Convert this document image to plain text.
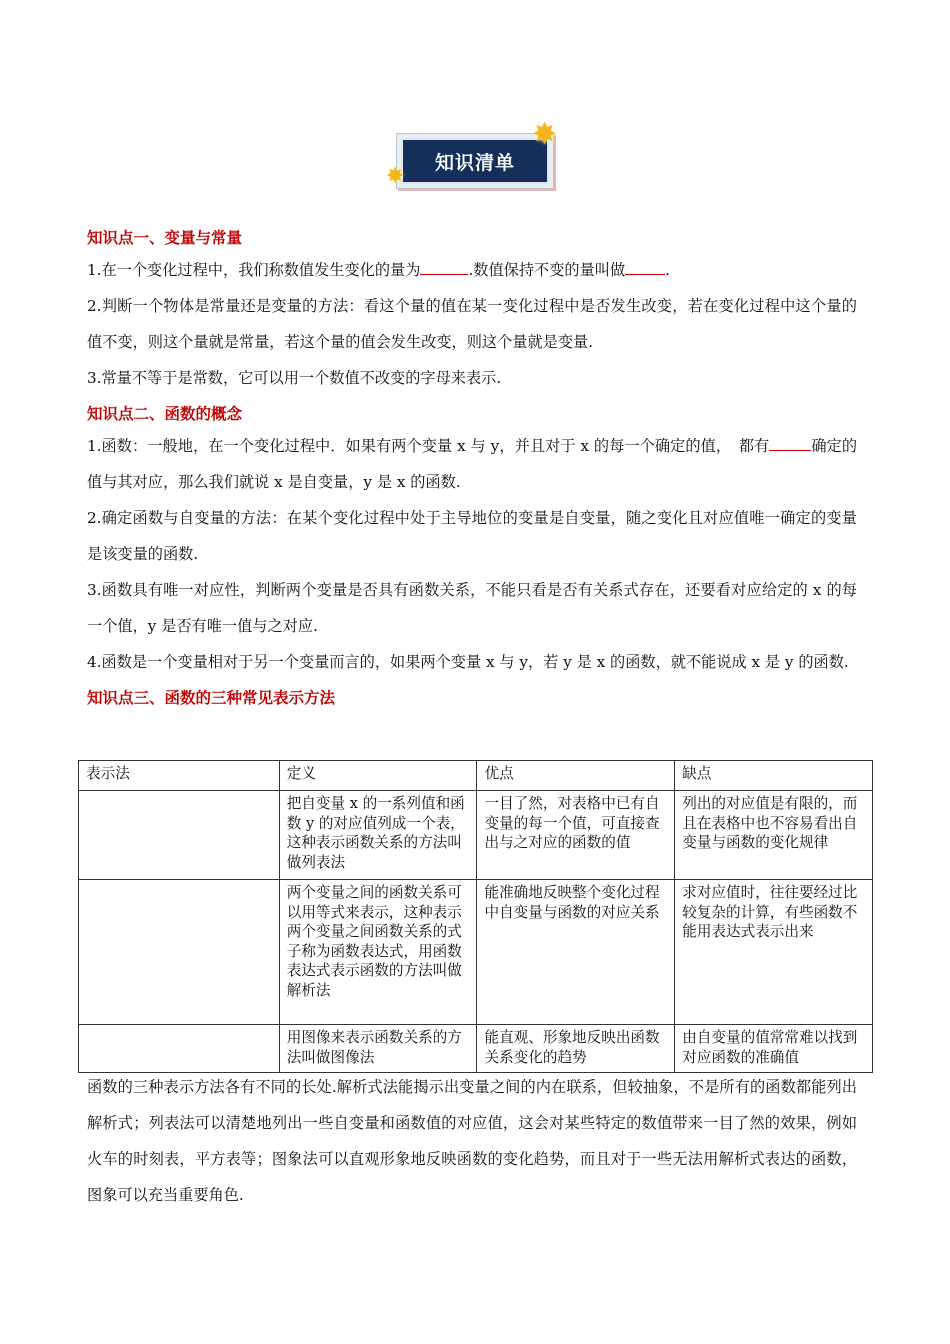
知识清单
✸
✸
知识点一、变量与常量

1.在一个变化过程中，我们称数值发生变化的量为	.数值保持不变的量叫做	.

2.判断一个物体是常量还是变量的方法：看这个量的值在某一变化过程中是否发生改变，若在变化过程中这个量的值不变，则这个量就是常量，若这个量的值会发生改变，则这个量就是变量.

3.常量不等于是常数，它可以用一个数值不改变的字母来表示.

知识点二、函数的概念

1.函数：一般地，在一个变化过程中．如果有两个变量 x 与 y，并且对于 x 的每一个确定的值，　都有	确定的值与其对应，那么我们就说 x 是自变量，y 是 x 的函数.

2.确定函数与自变量的方法：在某个变化过程中处于主导地位的变量是自变量，随之变化且对应值唯一确定的变量是该变量的函数.

3.函数具有唯一对应性，判断两个变量是否具有函数关系，不能只看是否有关系式存在，还要看对应给定的 x 的每一个值，y 是否有唯一值与之对应.

4.函数是一个变量相对于另一个变量而言的，如果两个变量 x 与 y，若 y 是 x 的函数，就不能说成 x 是 y 的函数.

知识点三、函数的三种常见表示方法
表示法	定义	优点	缺点
	把自变量 x 的一系列值和函数 y 的对应值列成一个表，这种表示函数关系的方法叫做列表法	一目了然，对表格中已有自变量的每一个值，可直接查出与之对应的函数的值	列出的对应值是有限的，而且在表格中也不容易看出自变量与函数的变化规律
	两个变量之间的函数关系可以用等式来表示，这种表示两个变量之间函数关系的式子称为函数表达式，用函数表达式表示函数的方法叫做解析法	能准确地反映整个变化过程中自变量与函数的对应关系	求对应值时，往往要经过比较复杂的计算，有些函数不能用表达式表示出来
	用图像来表示函数关系的方法叫做图像法	能直观、形象地反映出函数关系变化的趋势	由自变量的值常常难以找到对应函数的准确值

函数的三种表示方法各有不同的长处.解析式法能揭示出变量之间的内在联系，但较抽象，不是所有的函数都能列出解析式；列表法可以清楚地列出一些自变量和函数值的对应值，这会对某些特定的数值带来一目了然的效果，例如火车的时刻表，平方表等；图象法可以直观形象地反映函数的变化趋势，而且对于一些无法用解析式表达的函数，图象可以充当重要角色.
